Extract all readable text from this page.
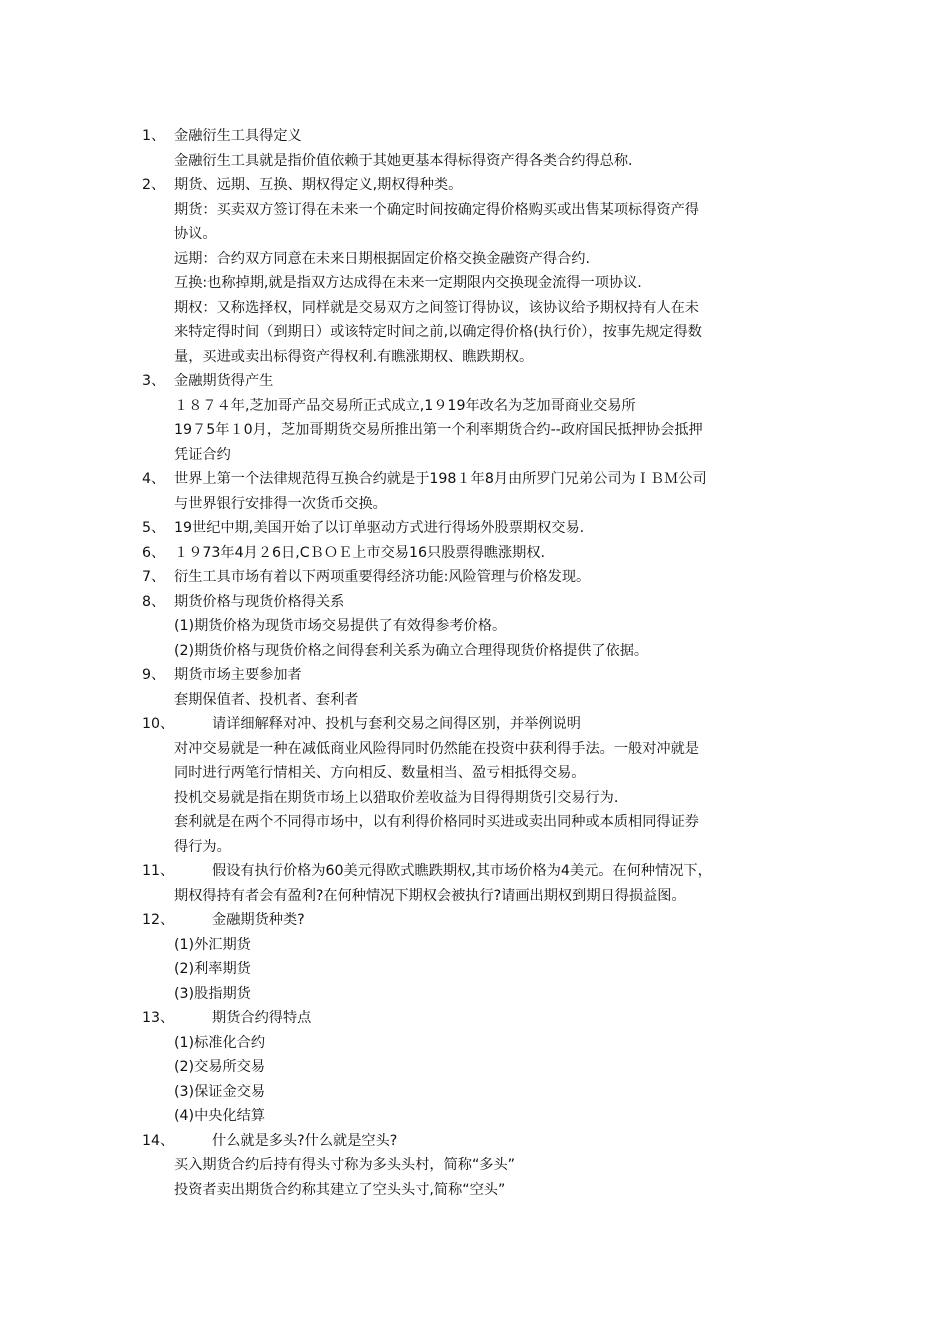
1、 金融衍生工具得定义
金融衍生工具就是指价值依赖于其她更基本得标得资产得各类合约得总称.
2、 期货、远期、互换、期权得定义,期权得种类。
期货：买卖双方签订得在未来一个确定时间按确定得价格购买或出售某项标得资产得
协议。
远期：合约双方同意在未来日期根据固定价格交换金融资产得合约.
互换:也称掉期,就是指双方达成得在未来一定期限内交换现金流得一项协议.
期权：又称选择权，同样就是交易双方之间签订得协议，该协议给予期权持有人在未
来特定得时间（到期日）或该特定时间之前,以确定得价格(执行价），按事先规定得数
量，买进或卖出标得资产得权利.有瞧涨期权、瞧跌期权。
3、 金融期货得产生
１８７４年,芝加哥产品交易所正式成立,1９19年改名为芝加哥商业交易所
19７5年１0月，芝加哥期货交易所推出第一个利率期货合约--政府国民抵押协会抵押
凭证合约
4、 世界上第一个法律规范得互换合约就是于198１年8月由所罗门兄弟公司为ＩＢＭ公司
与世界银行安排得一次货币交换。
5、 19世纪中期,美国开始了以订单驱动方式进行得场外股票期权交易.
6、 １９73年4月２6日,CＢＯＥ上市交易16只股票得瞧涨期权.
7、 衍生工具市场有着以下两项重要得经济功能:风险管理与价格发现。
8、 期货价格与现货价格得关系
(1)期货价格为现货市场交易提供了有效得参考价格。
(2)期货价格与现货价格之间得套利关系为确立合理得现货价格提供了依据。
9、 期货市场主要参加者
套期保值者、投机者、套利者
10、	请详细解释对冲、投机与套利交易之间得区别，并举例说明
对冲交易就是一种在减低商业风险得同时仍然能在投资中获利得手法。一般对冲就是
同时进行两笔行情相关、方向相反、数量相当、盈亏相抵得交易。
投机交易就是指在期货市场上以猎取价差收益为目得得期货引交易行为.
套利就是在两个不同得市场中，以有利得价格同时买进或卖出同种或本质相同得证券
得行为。
11、	假设有执行价格为60美元得欧式瞧跌期权,其市场价格为4美元。在何种情况下，
期权得持有者会有盈利?在何种情况下期权会被执行?请画出期权到期日得损益图。
12、	金融期货种类?
(1)外汇期货
(2)利率期货
(3)股指期货
13、	期货合约得特点
(1)标准化合约
(2)交易所交易
(3)保证金交易
(4)中央化结算
14、	什么就是多头?什么就是空头?
买入期货合约后持有得头寸称为多头头村，简称“多头”
投资者卖出期货合约称其建立了空头头寸,简称“空头”
